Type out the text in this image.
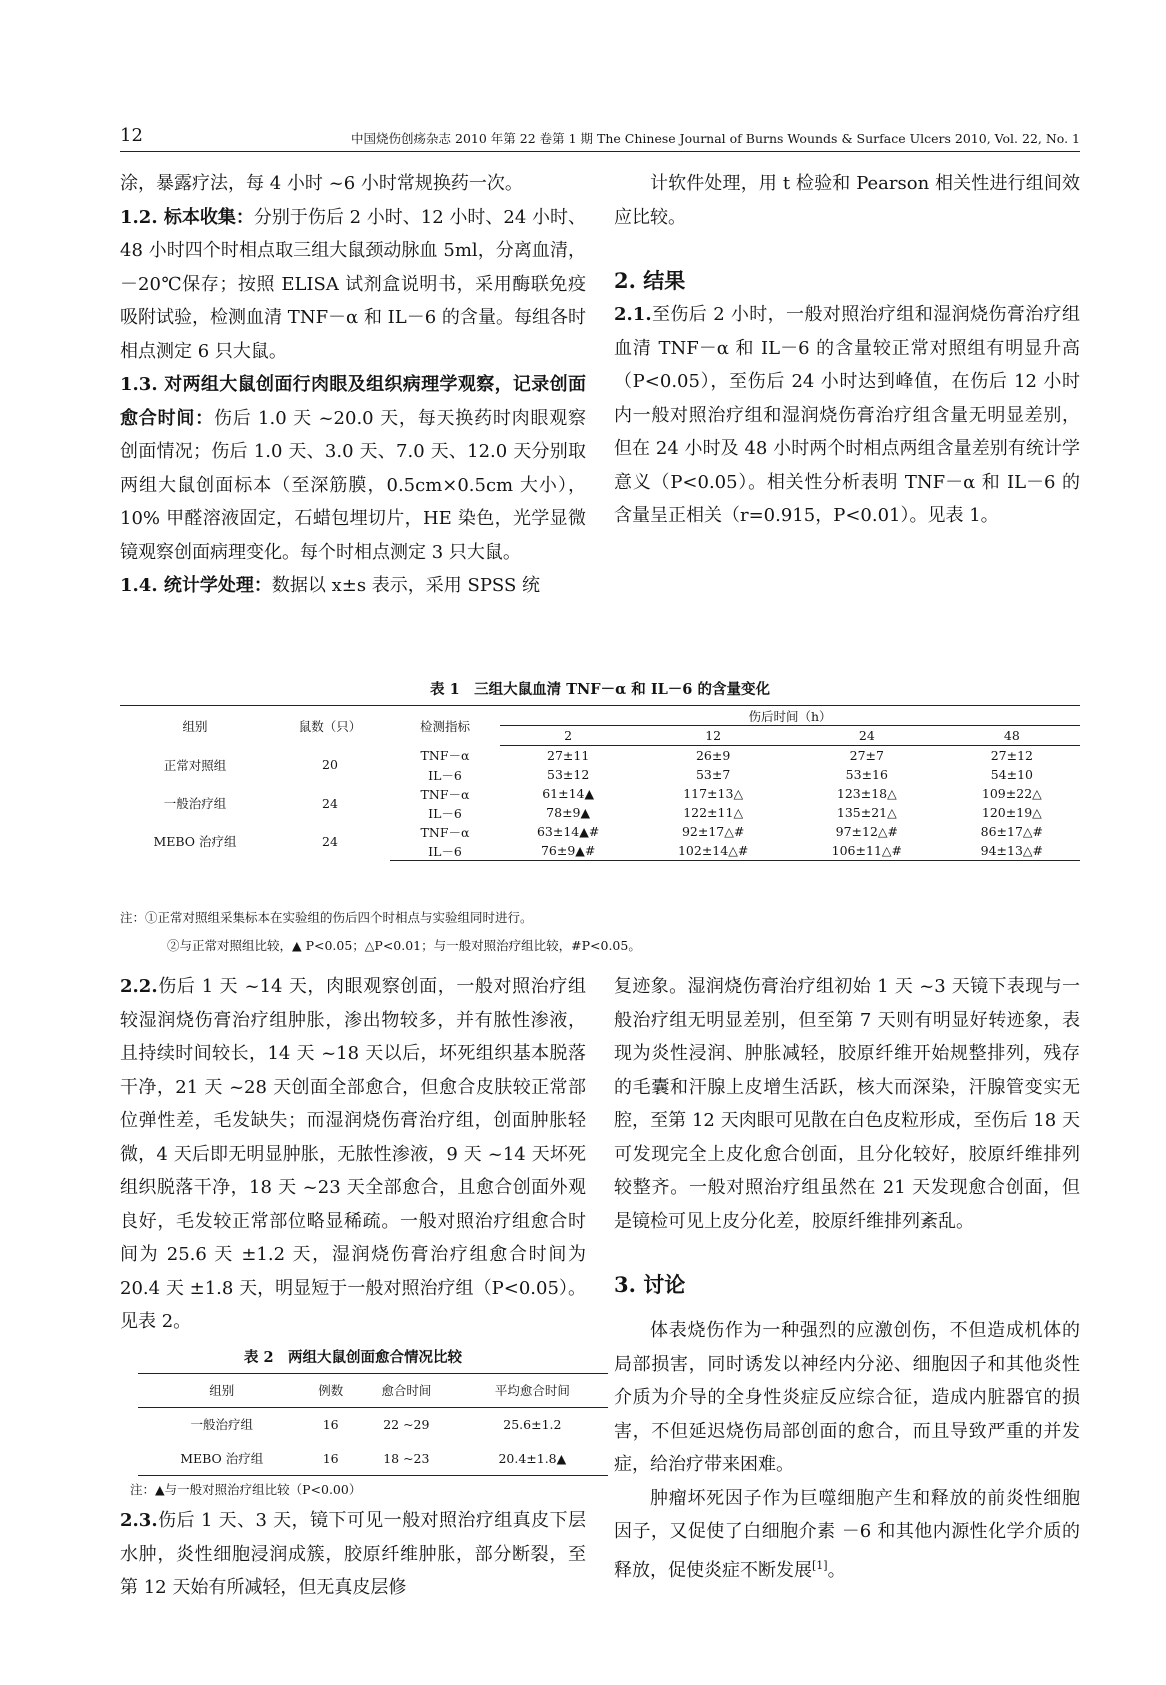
12	中国烧伤创疡杂志 2010 年第 22 卷第 1 期 The Chinese Journal of Burns Wounds & Surface Ulcers 2010, Vol. 22, No. 1

涂，暴露疗法，每 4 小时 ~6 小时常规换药一次。

1.2. 标本收集：分别于伤后 2 小时、12 小时、24 小时、48 小时四个时相点取三组大鼠颈动脉血 5ml，分离血清，－20℃保存；按照 ELISA 试剂盒说明书，采用酶联免疫吸附试验，检测血清 TNF－α 和 IL－6 的含量。每组各时相点测定 6 只大鼠。

1.3. 对两组大鼠创面行肉眼及组织病理学观察，记录创面愈合时间：伤后 1.0 天 ~20.0 天，每天换药时肉眼观察创面情况；伤后 1.0 天、3.0 天、7.0 天、12.0 天分别取两组大鼠创面标本（至深筋膜，0.5cm×0.5cm 大小），10% 甲醛溶液固定，石蜡包埋切片，HE 染色，光学显微镜观察创面病理变化。每个时相点测定 3 只大鼠。

1.4. 统计学处理：数据以 x±s 表示，采用 SPSS 统

计软件处理，用 t 检验和 Pearson 相关性进行组间效应比较。

2. 结果

2.1.至伤后 2 小时，一般对照治疗组和湿润烧伤膏治疗组血清 TNF－α 和 IL－6 的含量较正常对照组有明显升高（P<0.05），至伤后 24 小时达到峰值，在伤后 12 小时内一般对照治疗组和湿润烧伤膏治疗组含量无明显差别，但在 24 小时及 48 小时两个时相点两组含量差别有统计学意义（P<0.05）。相关性分析表明 TNF－α 和 IL－6 的含量呈正相关（r=0.915，P<0.01）。见表 1。

表 1　三组大鼠血清 TNF－α 和 IL－6 的含量变化
组别	鼠数（只）	检测指标	伤后时间（h）			
			2	12	24	48
正常对照组	20	TNF－α	27±11	26±9	27±7	27±12
		IL－6	53±12	53±7	53±16	54±10
一般治疗组	24	TNF－α	61±14▲	117±13△	123±18△	109±22△
		IL－6	78±9▲	122±11△	135±21△	120±19△
MEBO 治疗组	24	TNF－α	63±14▲#	92±17△#	97±12△#	86±17△#
		IL－6	76±9▲#	102±14△#	106±11△#	94±13△#
注：①正常对照组采集标本在实验组的伤后四个时相点与实验组同时进行。
②与正常对照组比较，▲ P<0.05；△P<0.01；与一般对照治疗组比较，#P<0.05。

2.2.伤后 1 天 ~14 天，肉眼观察创面，一般对照治疗组较湿润烧伤膏治疗组肿胀，渗出物较多，并有脓性渗液，且持续时间较长，14 天 ~18 天以后，坏死组织基本脱落干净，21 天 ~28 天创面全部愈合，但愈合皮肤较正常部位弹性差，毛发缺失；而湿润烧伤膏治疗组，创面肿胀轻微，4 天后即无明显肿胀，无脓性渗液，9 天 ~14 天坏死组织脱落干净，18 天 ~23 天全部愈合，且愈合创面外观良好，毛发较正常部位略显稀疏。一般对照治疗组愈合时间为 25.6 天 ±1.2 天，湿润烧伤膏治疗组愈合时间为 20.4 天 ±1.8 天，明显短于一般对照治疗组（P<0.05）。见表 2。

表 2　两组大鼠创面愈合情况比较
组别	例数	愈合时间	平均愈合时间
一般治疗组	16	22 ~29	25.6±1.2
MEBO 治疗组	16	18 ~23	20.4±1.8▲
注：▲与一般对照治疗组比较（P<0.00）

2.3.伤后 1 天、3 天，镜下可见一般对照治疗组真皮下层水肿，炎性细胞浸润成簇，胶原纤维肿胀，部分断裂，至第 12 天始有所减轻，但无真皮层修

复迹象。湿润烧伤膏治疗组初始 1 天 ~3 天镜下表现与一般治疗组无明显差别，但至第 7 天则有明显好转迹象，表现为炎性浸润、肿胀减轻，胶原纤维开始规整排列，残存的毛囊和汗腺上皮增生活跃，核大而深染，汗腺管变实无腔，至第 12 天肉眼可见散在白色皮粒形成，至伤后 18 天可发现完全上皮化愈合创面，且分化较好，胶原纤维排列较整齐。一般对照治疗组虽然在 21 天发现愈合创面，但是镜检可见上皮分化差，胶原纤维排列紊乱。

3. 讨论

体表烧伤作为一种强烈的应激创伤，不但造成机体的局部损害，同时诱发以神经内分泌、细胞因子和其他炎性介质为介导的全身性炎症反应综合征，造成内脏器官的损害，不但延迟烧伤局部创面的愈合，而且导致严重的并发症，给治疗带来困难。

肿瘤坏死因子作为巨噬细胞产生和释放的前炎性细胞因子，又促使了白细胞介素 －6 和其他内源性化学介质的释放，促使炎症不断发展[1]。
